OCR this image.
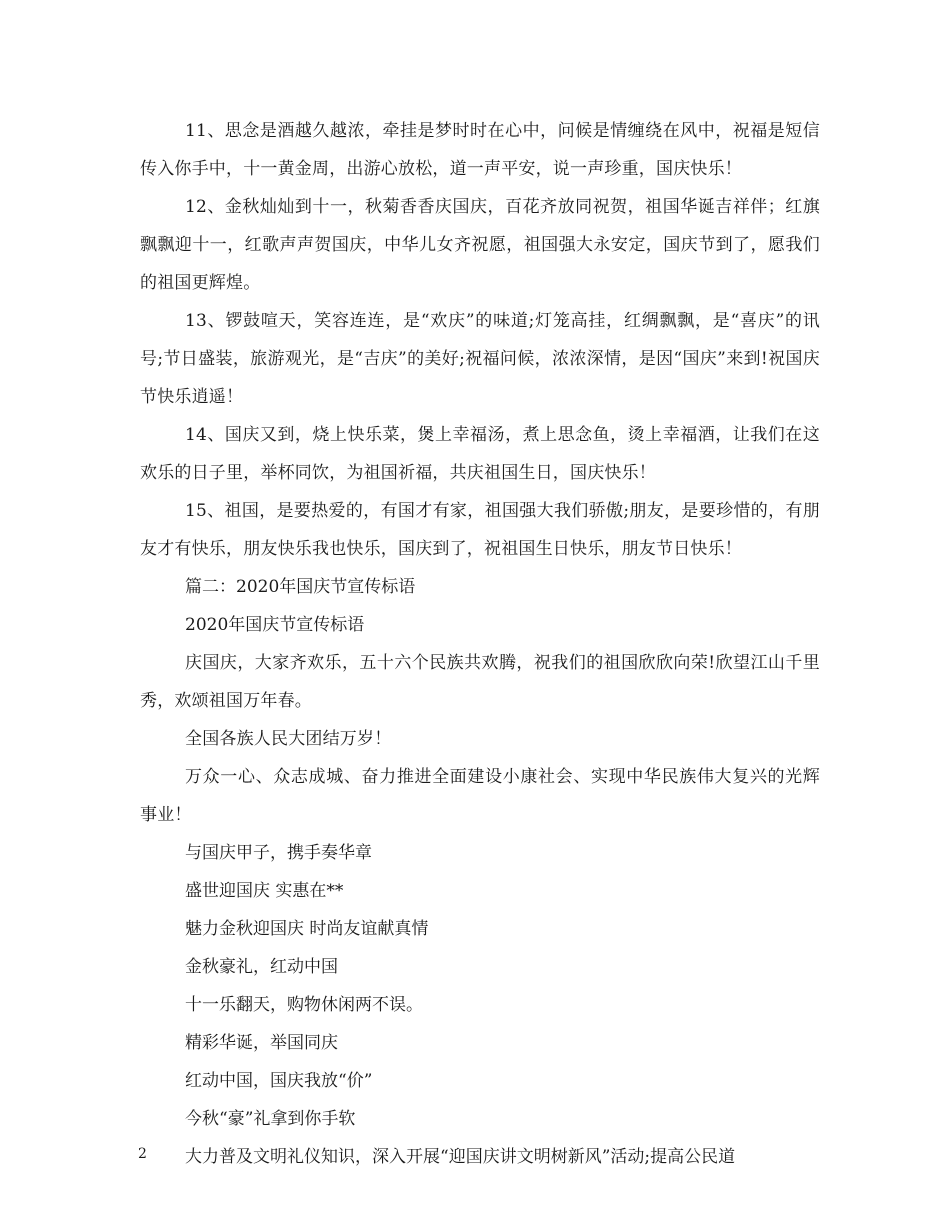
11、思念是酒越久越浓，牵挂是梦时时在心中，问候是情缠绕在风中，祝福是短信传入你手中，十一黄金周，出游心放松，道一声平安，说一声珍重，国庆快乐！

12、金秋灿灿到十一，秋菊香香庆国庆，百花齐放同祝贺，祖国华诞吉祥伴；红旗飘飘迎十一，红歌声声贺国庆，中华儿女齐祝愿，祖国强大永安定，国庆节到了，愿我们的祖国更辉煌。

13、锣鼓喧天，笑容连连，是“欢庆”的味道;灯笼高挂，红绸飘飘，是“喜庆”的讯号;节日盛装，旅游观光，是“吉庆”的美好;祝福问候，浓浓深情，是因“国庆”来到!祝国庆节快乐逍遥！

14、国庆又到，烧上快乐菜，煲上幸福汤，煮上思念鱼，烫上幸福酒，让我们在这欢乐的日子里，举杯同饮，为祖国祈福，共庆祖国生日，国庆快乐！

15、祖国，是要热爱的，有国才有家，祖国强大我们骄傲;朋友，是要珍惜的，有朋友才有快乐，朋友快乐我也快乐，国庆到了，祝祖国生日快乐，朋友节日快乐！

篇二：2020年国庆节宣传标语

2020年国庆节宣传标语

庆国庆，大家齐欢乐，五十六个民族共欢腾，祝我们的祖国欣欣向荣!欣望江山千里秀，欢颂祖国万年春。

全国各族人民大团结万岁！

万众一心、众志成城、奋力推进全面建设小康社会、实现中华民族伟大复兴的光辉事业！

与国庆甲子，携手奏华章

盛世迎国庆 实惠在**

魅力金秋迎国庆 时尚友谊献真情

金秋豪礼，红动中国

十一乐翻天，购物休闲两不误。

精彩华诞，举国同庆

红动中国，国庆我放“价”

今秋“豪”礼拿到你手软

大力普及文明礼仪知识，深入开展“迎国庆讲文明树新风”活动;提高公民道

2
